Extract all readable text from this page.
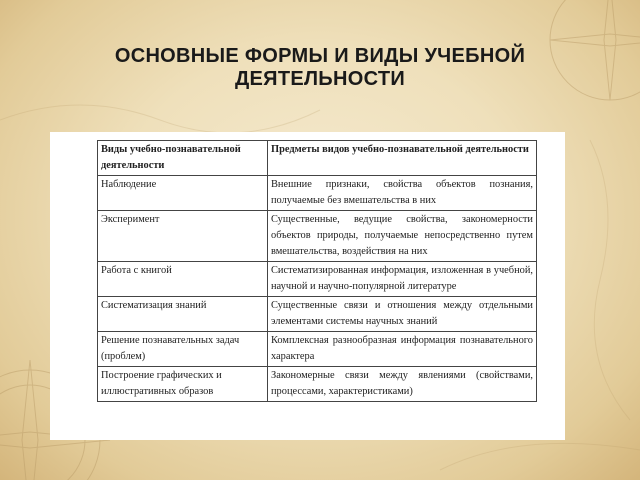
ОСНОВНЫЕ ФОРМЫ И ВИДЫ УЧЕБНОЙ ДЕЯТЕЛЬНОСТИ
Виды учебно-познавательной деятельности	Предметы видов учебно-познавательной деятельности
Наблюдение	Внешние признаки, свойства объектов познания, получаемые без вмешательства в них
Эксперимент	Существенные, ведущие свойства, закономерности объектов природы, получаемые непосредственно путем вмешательства, воздействия на них
Работа с книгой	Систематизированная информация, изложенная в учебной, научной и научно-популярной литературе
Систематизация знаний	Существенные связи и отношения между отдельными элементами системы научных знаний
Решение познавательных задач (проблем)	Комплексная разнообразная информация познавательного характера
Построение графических и иллюстративных образов	Закономерные связи между явлениями (свойствами, процессами, характеристиками)
